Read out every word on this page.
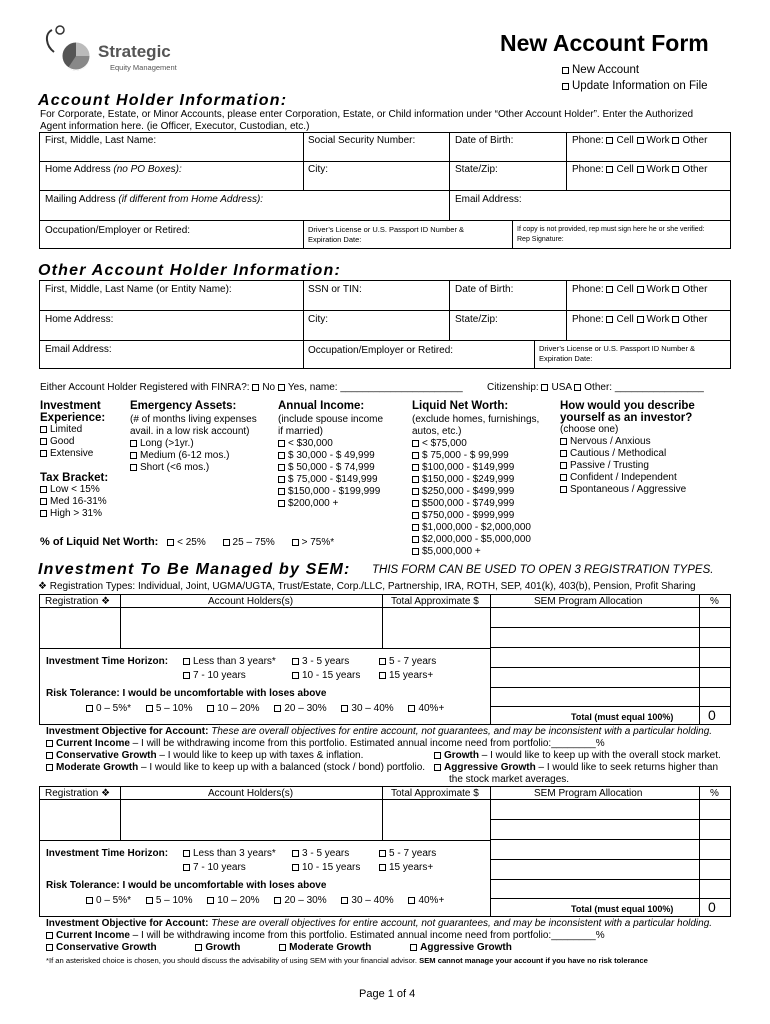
Strategic
Equity Management
New Account Form
New Account
Update Information on File
Account Holder Information:
For Corporate, Estate, or Minor Accounts, please enter Corporation, Estate, or Child information under “Other Account Holder”. Enter the Authorized
Agent information here. (ie Officer, Executor, Custodian, etc.)
First, Middle, Last Name:	Social Security Number:	Date of Birth:	Phone: Cell Work Other
Home Address (no PO Boxes):	City:	State/Zip:	Phone: Cell Work Other
Mailing Address (if different from Home Address):	Email Address:
Occupation/Employer or Retired:	Driver’s License or U.S. Passport ID Number &
Expiration Date:
If copy is not provided, rep must sign here he or she verified:
Rep Signature:
Other Account Holder Information:
First, Middle, Last Name (or Entity Name):	SSN or TIN:	Date of Birth:	Phone: Cell Work Other
Home Address:	City:	State/Zip:	Phone: Cell Work Other
Email Address:	Occupation/Employer or Retired:	Driver’s License or U.S. Passport ID Number &
Expiration Date:
Either Account Holder Registered with FINRA?: No Yes, name: ______________________ Citizenship: USA Other: ________________
Investment
Experience:
Limited
Good
Extensive
Tax Bracket:
Low < 15%
Med 16-31%
High > 31%
Emergency Assets:
(# of months living expenses
avail. in a low risk account)
Long (>1yr.)
Medium (6-12 mos.)
Short (<6 mos.)
Annual Income:
(include spouse income
if married)
< $30,000
$ 30,000 - $ 49,999
$ 50,000 - $ 74,999
$ 75,000 - $149,999
$150,000 - $199,999
$200,000 +
Liquid Net Worth:
(exclude homes, furnishings,
autos, etc.)
< $75,000
$ 75,000 - $ 99,999
$100,000 - $149,999
$150,000 - $249,999
$250,000 - $499,999
$500,000 - $749,999
$750,000 - $999,999
$1,000,000 - $2,000,000
$2,000,000 - $5,000,000
$5,000,000 +
How would you describe
yourself as an investor?
(choose one)
Nervous / Anxious
Cautious / Methodical
Passive / Trusting
Confident / Independent
Spontaneous / Aggressive
% of Liquid Net Worth: < 25%	25 – 75%	> 75%*
Investment To Be Managed by SEM: THIS FORM CAN BE USED TO OPEN 3 REGISTRATION TYPES.
❖ Registration Types: Individual, Joint, UGMA/UGTA, Trust/Estate, Corp./LLC, Partnership, IRA, ROTH, SEP, 401(k), 403(b), Pension, Profit Sharing
Registration ❖	Account Holders(s)	Total Approximate $	SEM Program Allocation	%
Investment Time Horizon:	Less than 3 years*	3 - 5 years	5 - 7 years
7 - 10 years	10 - 15 years	15 years+
Risk Tolerance: I would be uncomfortable with loses above
0 – 5%* 5 – 10% 10 – 20% 20 – 30% 30 – 40% 40%+
Total (must equal 100%) 0
Investment Objective for Account: These are overall objectives for entire account, not guarantees, and may be inconsistent with a particular holding.
Current Income – I will be withdrawing income from this portfolio. Estimated annual income need from portfolio:________%
Conservative Growth – I would like to keep up with taxes & inflation.	Growth – I would like to keep up with the overall stock market.
Moderate Growth – I would like to keep up with a balanced (stock / bond) portfolio.	Aggressive Growth – I would like to seek returns higher than
the stock market averages.
Registration ❖	Account Holders(s)	Total Approximate $	SEM Program Allocation	%
Investment Time Horizon:	Less than 3 years*	3 - 5 years	5 - 7 years
7 - 10 years	10 - 15 years	15 years+
Risk Tolerance: I would be uncomfortable with loses above
0 – 5%* 5 – 10% 10 – 20% 20 – 30% 30 – 40% 40%+
Total (must equal 100%) 0
Investment Objective for Account: These are overall objectives for entire account, not guarantees, and may be inconsistent with a particular holding.
Current Income – I will be withdrawing income from this portfolio. Estimated annual income need from portfolio:________%
Conservative Growth	Growth	Moderate Growth	Aggressive Growth
*If an asterisked choice is chosen, you should discuss the advisability of using SEM with your financial advisor. SEM cannot manage your account if you have no risk tolerance
Page 1 of 4
